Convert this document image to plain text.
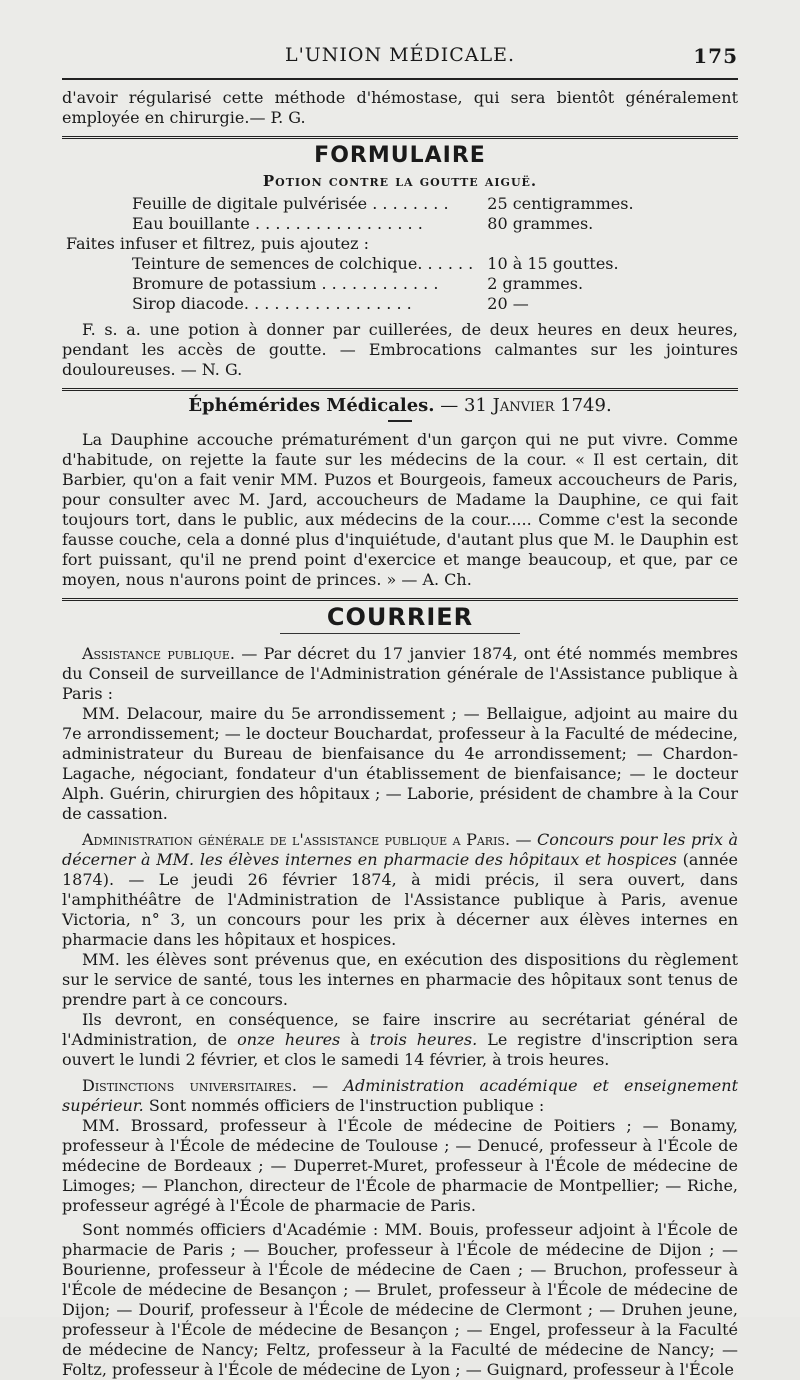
L'UNION MÉDICALE.	175

d'avoir régularisé cette méthode d'hémostase, qui sera bientôt généralement employée en chirurgie.— P. G.

FORMULAIRE
Potion contre la goutte aiguë.
Feuille de digitale pulvérisée . . . . . . . .	25 centigrammes.
Eau bouillante . . . . . . . . . . . . . . . . .	80 grammes.
Faites infuser et filtrez, puis ajoutez :
Teinture de semences de colchique. . . . . .	10 à 15 gouttes.
Bromure de potassium . . . . . . . . . . . .	2 grammes.
Sirop diacode. . . . . . . . . . . . . . . . .	20 —

F. s. a. une potion à donner par cuillerées, de deux heures en deux heures, pendant les accès de goutte. — Embrocations calmantes sur les jointures douloureuses. — N. G.

Éphémérides Médicales. — 31 Janvier 1749.

La Dauphine accouche prématurément d'un garçon qui ne put vivre. Comme d'habitude, on rejette la faute sur les médecins de la cour. « Il est certain, dit Barbier, qu'on a fait venir MM. Puzos et Bourgeois, fameux accoucheurs de Paris, pour consulter avec M. Jard, accoucheurs de Madame la Dauphine, ce qui fait toujours tort, dans le public, aux médecins de la cour..... Comme c'est la seconde fausse couche, cela a donné plus d'inquiétude, d'autant plus que M. le Dauphin est fort puissant, qu'il ne prend point d'exercice et mange beaucoup, et que, par ce moyen, nous n'aurons point de princes. » — A. Ch.

COURRIER

Assistance publique. — Par décret du 17 janvier 1874, ont été nommés membres du Conseil de surveillance de l'Administration générale de l'Assistance publique à Paris :

MM. Delacour, maire du 5e arrondissement ; — Bellaigue, adjoint au maire du 7e arrondissement; — le docteur Bouchardat, professeur à la Faculté de médecine, administrateur du Bureau de bienfaisance du 4e arrondissement; — Chardon-Lagache, négociant, fondateur d'un établissement de bienfaisance; — le docteur Alph. Guérin, chirurgien des hôpitaux ; — Laborie, président de chambre à la Cour de cassation.

Administration générale de l'assistance publique a Paris. — Concours pour les prix à décerner à MM. les élèves internes en pharmacie des hôpitaux et hospices (année 1874). — Le jeudi 26 février 1874, à midi précis, il sera ouvert, dans l'amphithéâtre de l'Administration de l'Assistance publique à Paris, avenue Victoria, n° 3, un concours pour les prix à décerner aux élèves internes en pharmacie dans les hôpitaux et hospices.

MM. les élèves sont prévenus que, en exécution des dispositions du règlement sur le service de santé, tous les internes en pharmacie des hôpitaux sont tenus de prendre part à ce concours.

Ils devront, en conséquence, se faire inscrire au secrétariat général de l'Administration, de onze heures à trois heures. Le registre d'inscription sera ouvert le lundi 2 février, et clos le samedi 14 février, à trois heures.

Distinctions universitaires. — Administration académique et enseignement supérieur. Sont nommés officiers de l'instruction publique :

MM. Brossard, professeur à l'École de médecine de Poitiers ; — Bonamy, professeur à l'École de médecine de Toulouse ; — Denucé, professeur à l'École de médecine de Bordeaux ; — Duperret-Muret, professeur à l'École de médecine de Limoges; — Planchon, directeur de l'École de pharmacie de Montpellier; — Riche, professeur agrégé à l'École de pharmacie de Paris.

Sont nommés officiers d'Académie : MM. Bouis, professeur adjoint à l'École de pharmacie de Paris ; — Boucher, professeur à l'École de médecine de Dijon ; — Bourienne, professeur à l'École de médecine de Caen ; — Bruchon, professeur à l'École de médecine de Besançon ; — Brulet, professeur à l'École de médecine de Dijon; — Dourif, professeur à l'École de médecine de Clermont ; — Druhen jeune, professeur à l'École de médecine de Besançon ; — Engel, professeur à la Faculté de médecine de Nancy; Feltz, professeur à la Faculté de médecine de Nancy; — Foltz, professeur à l'École de médecine de Lyon ; — Guignard, professeur à l'École
